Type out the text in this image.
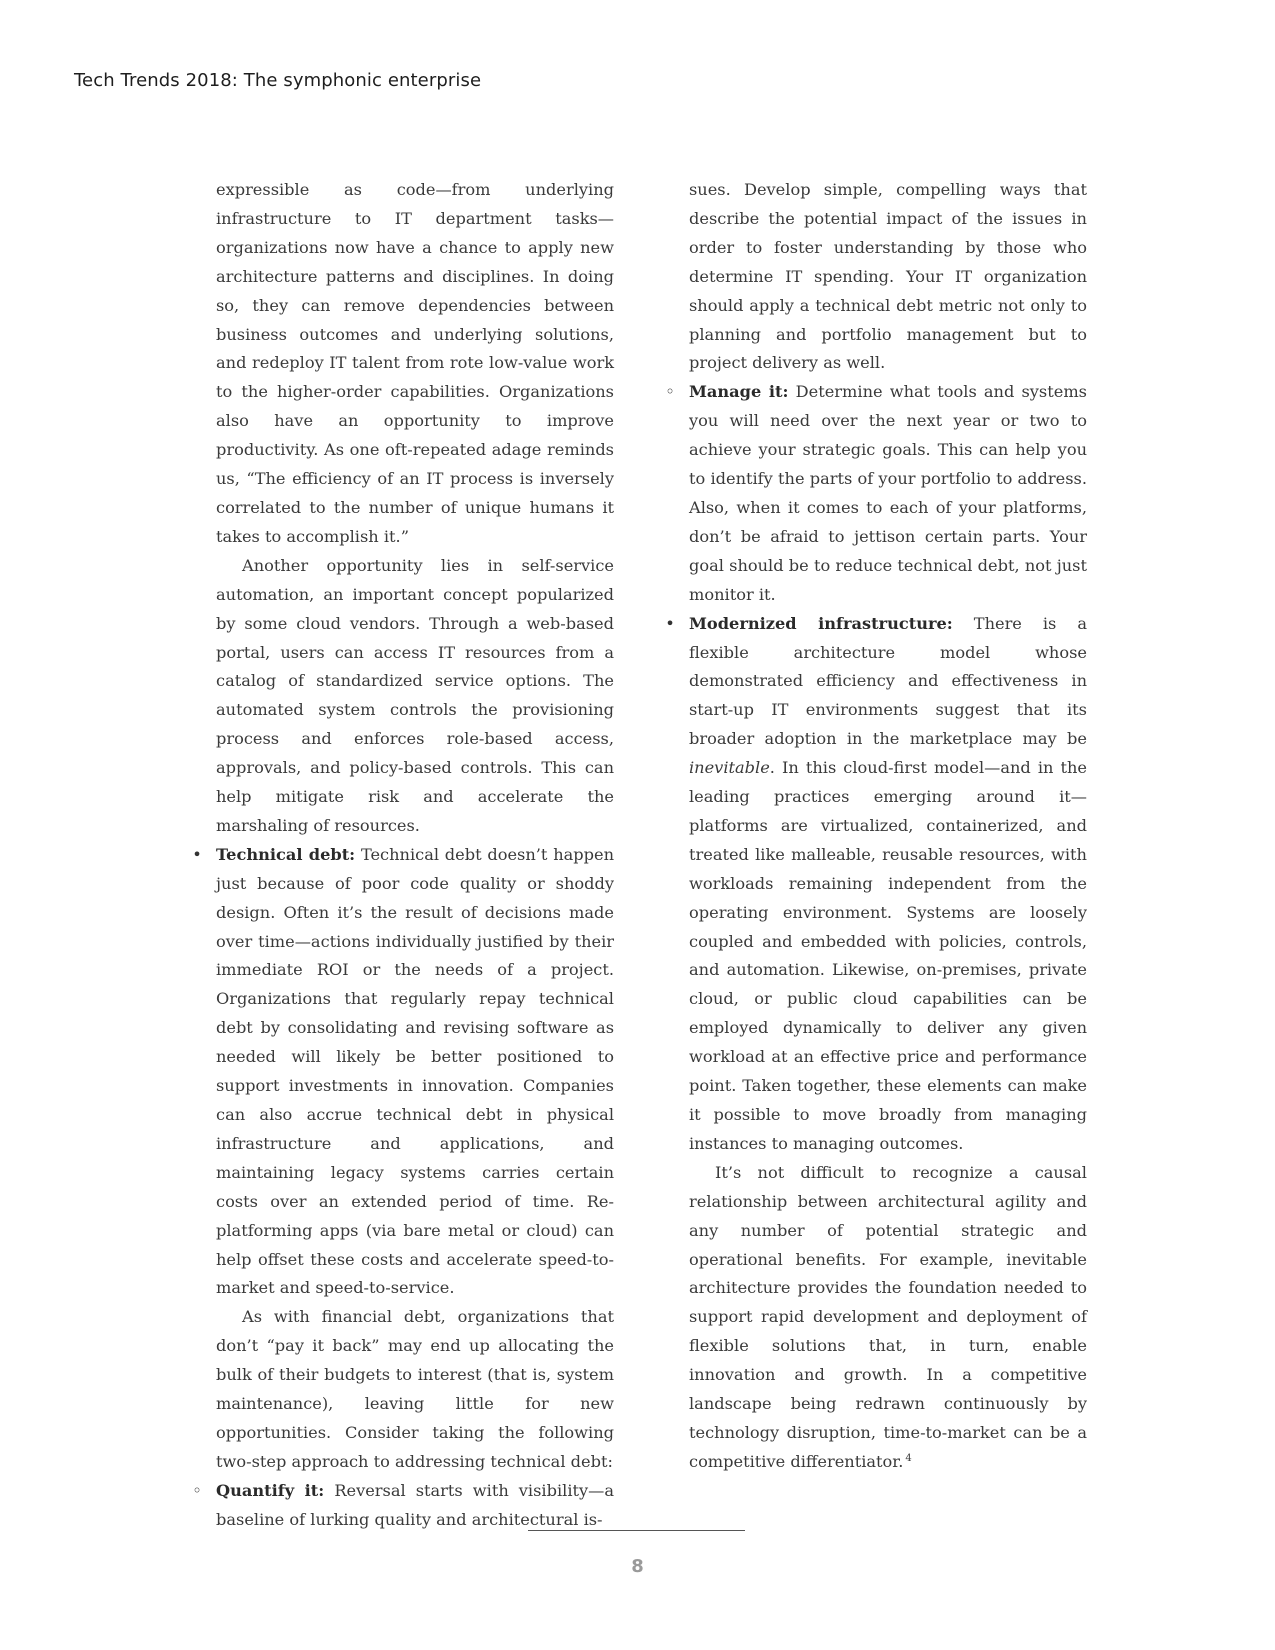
Tech Trends 2018: The symphonic enterprise

expressible as code—from underlying infrastructure to IT department tasks—organizations now have a chance to apply new architecture patterns and disciplines. In doing so, they can remove dependencies between business outcomes and underlying solutions, and redeploy IT talent from rote low-value work to the higher-order capabilities. Organizations also have an opportunity to improve productivity. As one oft-repeated adage reminds us, “The efficiency of an IT process is inversely correlated to the number of unique humans it takes to accomplish it.”

Another opportunity lies in self-service automation, an important concept popularized by some cloud vendors. Through a web-based portal, users can access IT resources from a catalog of standardized service options. The automated system controls the provisioning process and enforces role-based access, approvals, and policy-based controls. This can help mitigate risk and accelerate the marshaling of resources.

• Technical debt: Technical debt doesn’t happen just because of poor code quality or shoddy design. Often it’s the result of decisions made over time—actions individually justified by their immediate ROI or the needs of a project. Organizations that regularly repay technical debt by consolidating and revising software as needed will likely be better positioned to support investments in innovation. Companies can also accrue technical debt in physical infrastructure and applications, and maintaining legacy systems carries certain costs over an extended period of time. Re-platforming apps (via bare metal or cloud) can help offset these costs and accelerate speed-to-market and speed-to-service.

As with financial debt, organizations that don’t “pay it back” may end up allocating the bulk of their budgets to interest (that is, system maintenance), leaving little for new opportunities. Consider taking the following two-step approach to addressing technical debt:

◦ Quantify it: Reversal starts with visibility—a baseline of lurking quality and architectural is-

sues. Develop simple, compelling ways that describe the potential impact of the issues in order to foster understanding by those who determine IT spending. Your IT organization should apply a technical debt metric not only to planning and portfolio management but to project delivery as well.

◦ Manage it: Determine what tools and systems you will need over the next year or two to achieve your strategic goals. This can help you to identify the parts of your portfolio to address. Also, when it comes to each of your platforms, don’t be afraid to jettison certain parts. Your goal should be to reduce technical debt, not just monitor it.
• Modernized infrastructure: There is a flexible architecture model whose demonstrated efficiency and effectiveness in start-up IT environments suggest that its broader adoption in the marketplace may be inevitable. In this cloud-first model—and in the leading practices emerging around it—platforms are virtualized, containerized, and treated like malleable, reusable resources, with workloads remaining independent from the operating environment. Systems are loosely coupled and embedded with policies, controls, and automation. Likewise, on-premises, private cloud, or public cloud capabilities can be employed dynamically to deliver any given workload at an effective price and performance point. Taken together, these elements can make it possible to move broadly from managing instances to managing outcomes.

It’s not difficult to recognize a causal relationship between architectural agility and any number of potential strategic and operational benefits. For example, inevitable architecture provides the foundation needed to support rapid development and deployment of flexible solutions that, in turn, enable innovation and growth. In a competitive landscape being redrawn continuously by technology disruption, time-to-market can be a competitive differentiator. $^4$

8
